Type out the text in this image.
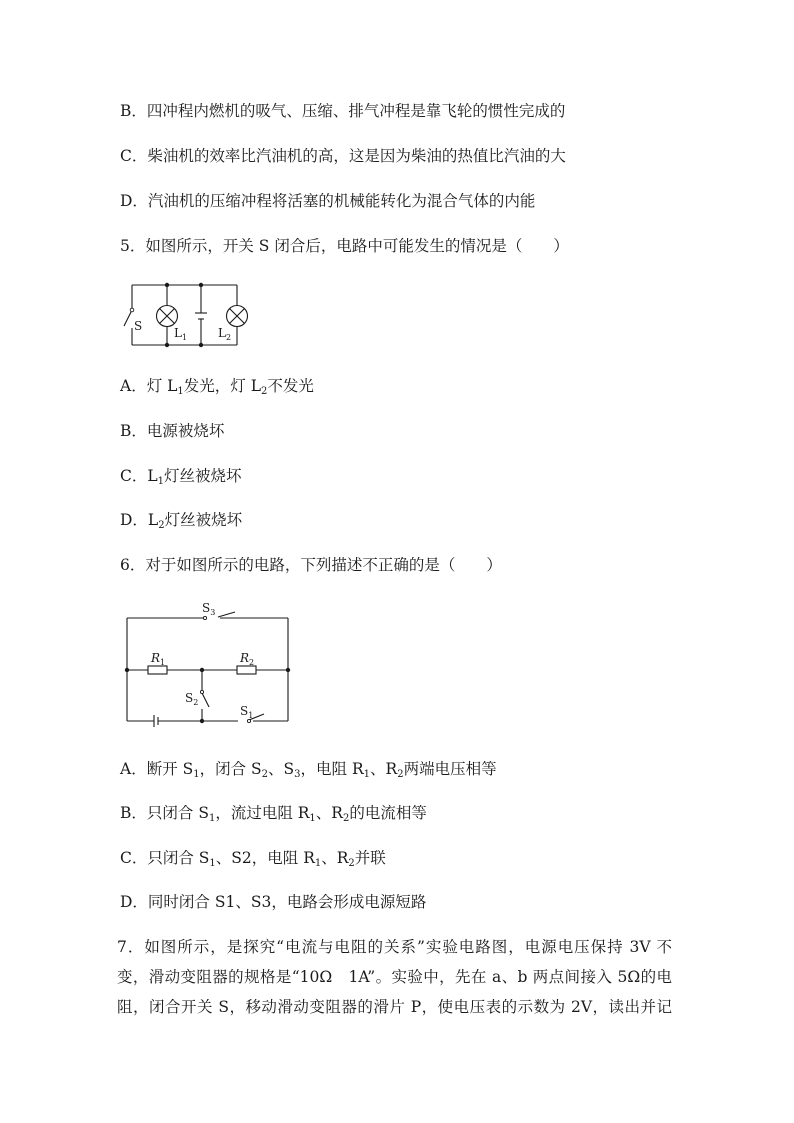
B．四冲程内燃机的吸气、压缩、排气冲程是靠飞轮的惯性完成的
C．柴油机的效率比汽油机的高，这是因为柴油的热值比汽油的大
D．汽油机的压缩冲程将活塞的机械能转化为混合气体的内能
5．如图所示，开关 S 闭合后，电路中可能发生的情况是（　　）
S	$L_1$	$L_2$
A．灯 $L_1$发光，灯 $L_2$不发光
B．电源被烧坏
C．$L_1$灯丝被烧坏
D．$L_2$灯丝被烧坏
6．对于如图所示的电路，下列描述不正确的是（　　）
$S_3$
$R_1$	$R_2$
$S_2$
$S_1$
A．断开 $S_1$，闭合 $S_2$、$S_3$，电阻 $R_1$、$R_2$两端电压相等
B．只闭合 $S_1$，流过电阻 $R_1$、$R_2$的电流相等
C．只闭合 $S_1$、S2，电阻 $R_1$、$R_2$并联
D．同时闭合 S1、S3，电路会形成电源短路
7．如图所示，是探究“电流与电阻的关系”实验电路图，电源电压保持 3V 不
变，滑动变阻器的规格是“10Ω　1A”。实验中，先在 a、b 两点间接入 5Ω的电
阻，闭合开关 S，移动滑动变阻器的滑片 P，使电压表的示数为 2V，读出并记
